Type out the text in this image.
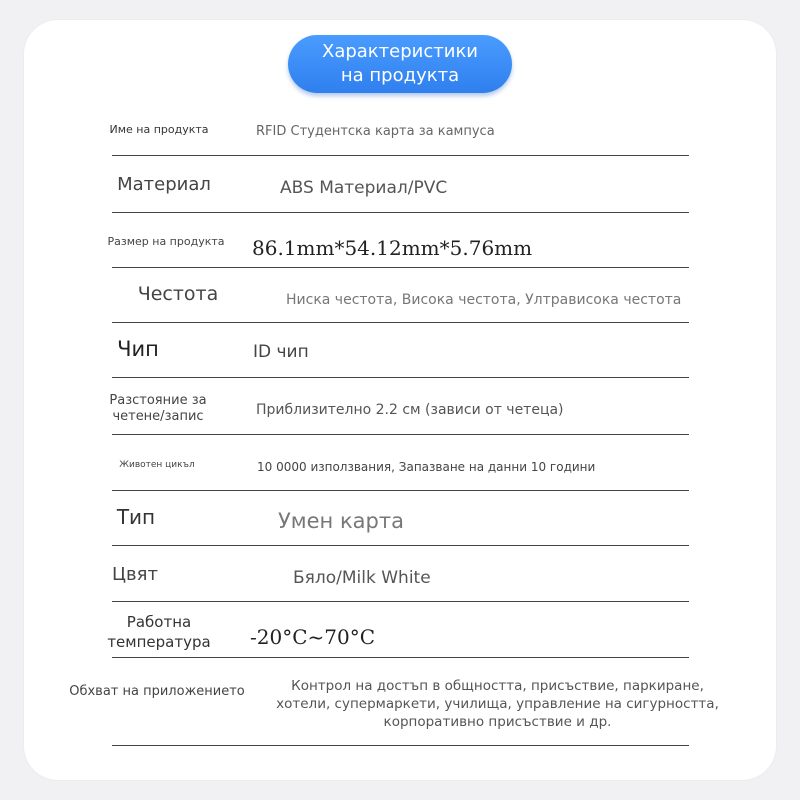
Характеристики
на продукта
Име на продукта	RFID Студентска карта за кампуса
Материал	ABS Материал/PVC
Размер на продукта 86.1mm*54.12mm*5.76mm
Честота	Ниска честота, Висока честота, Ултрависока честота
Чип	ID чип
Разстояние за четене/запис	Приблизително 2.2 см (зависи от четеца)
Животен цикъл	10 0000 използвания, Запазване на данни 10 години
Тип	Умен карта
Цвят	Бяло/Milk White
Работна температура	-20°C~70°C
Обхват на приложението	Контрол на достъп в общността, присъствие, паркиране, хотели, супермаркети, училища, управление на сигурността, корпоративно присъствие и др.
